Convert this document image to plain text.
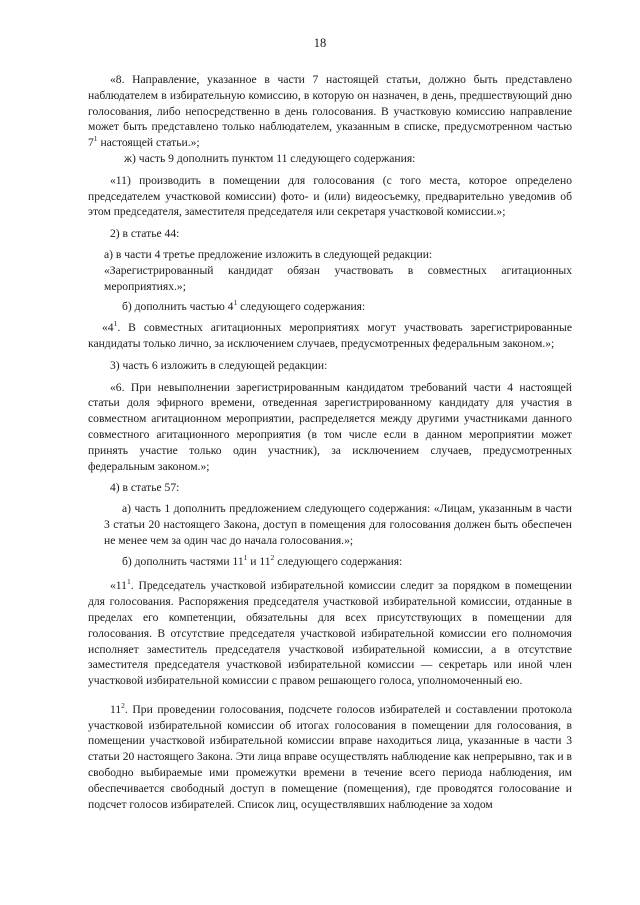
18

«8. Направление, указанное в части 7 настоящей статьи, должно быть представлено наблюдателем в избирательную комиссию, в которую он назначен, в день, предшествующий дню голосования, либо непосредственно в день голосования. В участковую комиссию направление может быть представлено только наблюдателем, указанным в списке, предусмотренном частью $7^1$ настоящей статьи.»;

ж) часть 9 дополнить пунктом 11 следующего содержания:

«11) производить в помещении для голосования (с того места, которое определено председателем участковой комиссии) фото- и (или) видеосъемку, предварительно уведомив об этом председателя, заместителя председателя или секретаря участковой комиссии.»;

2) в статье 44:

а) в части 4 третье предложение изложить в следующей редакции:

«Зарегистрированный кандидат обязан участвовать в совместных агитационных мероприятиях.»;

б) дополнить частью $4^1$ следующего содержания:

«$4^1$. В совместных агитационных мероприятиях могут участвовать зарегистрированные кандидаты только лично, за исключением случаев, предусмотренных федеральным законом.»;

3) часть 6 изложить в следующей редакции:

«6. При невыполнении зарегистрированным кандидатом требований части 4 настоящей статьи доля эфирного времени, отведенная зарегистрированному кандидату для участия в совместном агитационном мероприятии, распределяется между другими участниками данного совместного агитационного мероприятия (в том числе если в данном мероприятии может принять участие только один участник), за исключением случаев, предусмотренных федеральным законом.»;

4) в статье 57:

а) часть 1 дополнить предложением следующего содержания: «Лицам, указанным в части 3 статьи 20 настоящего Закона, доступ в помещения для голосования должен быть обеспечен не менее чем за один час до начала голосования.»;

б) дополнить частями $11^1$ и $11^2$ следующего содержания:

«$11^1$. Председатель участковой избирательной комиссии следит за порядком в помещении для голосования. Распоряжения председателя участковой избирательной комиссии, отданные в пределах его компетенции, обязательны для всех присутствующих в помещении для голосования. В отсутствие председателя участковой избирательной комиссии его полномочия исполняет заместитель председателя участковой избирательной комиссии, а в отсутствие заместителя председателя участковой избирательной комиссии — секретарь или иной член участковой избирательной комиссии с правом решающего голоса, уполномоченный ею.

$11^2$. При проведении голосования, подсчете голосов избирателей и составлении протокола участковой избирательной комиссии об итогах голосования в помещении для голосования, в помещении участковой избирательной комиссии вправе находиться лица, указанные в части 3 статьи 20 настоящего Закона. Эти лица вправе осуществлять наблюдение как непрерывно, так и в свободно выбираемые ими промежутки времени в течение всего периода наблюдения, им обеспечивается свободный доступ в помещение (помещения), где проводятся голосование и подсчет голосов избирателей. Список лиц, осуществлявших наблюдение за ходом
